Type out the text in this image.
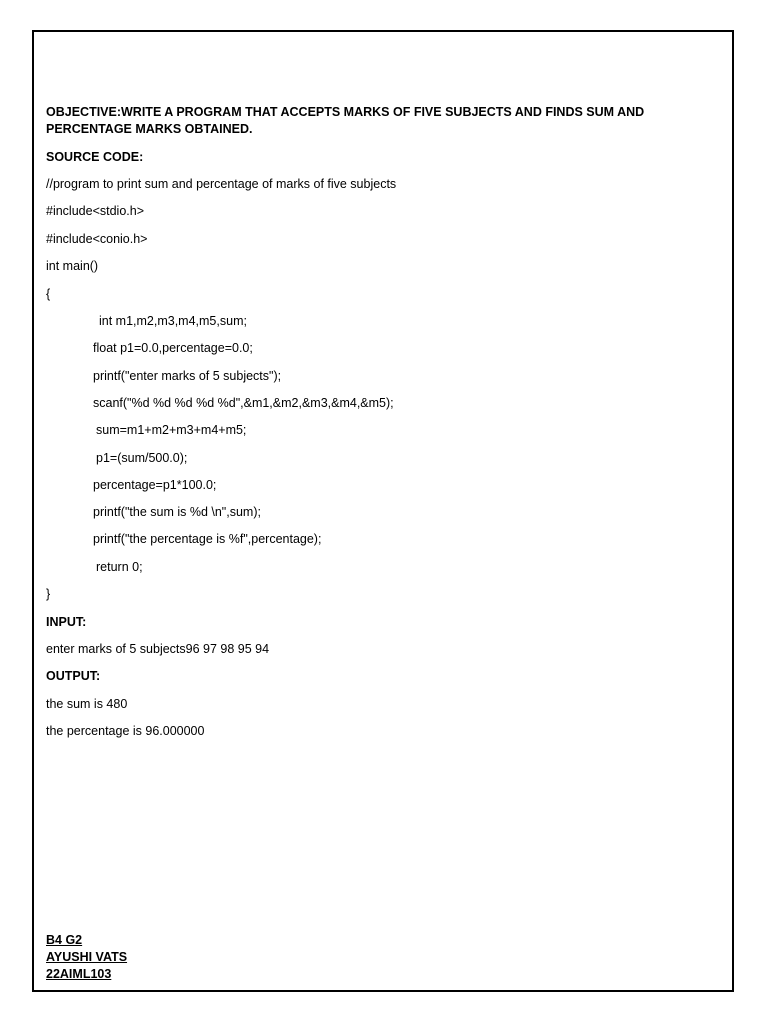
OBJECTIVE:WRITE A PROGRAM THAT ACCEPTS MARKS OF FIVE SUBJECTS AND FINDS SUM AND PERCENTAGE MARKS OBTAINED.
SOURCE CODE:
//program to print sum and percentage of marks of five subjects
#include<stdio.h>
#include<conio.h>
int main()
{
int m1,m2,m3,m4,m5,sum;
float p1=0.0,percentage=0.0;
printf("enter marks of 5 subjects");
scanf("%d %d %d %d %d",&m1,&m2,&m3,&m4,&m5);
sum=m1+m2+m3+m4+m5;
p1=(sum/500.0);
percentage=p1*100.0;
printf("the sum is %d \n",sum);
printf("the percentage is %f",percentage);
return 0;
}
INPUT:
enter marks of 5 subjects96 97 98 95 94
OUTPUT:
the sum is 480
the percentage is 96.000000
B4 G2
AYUSHI VATS
22AIML103
